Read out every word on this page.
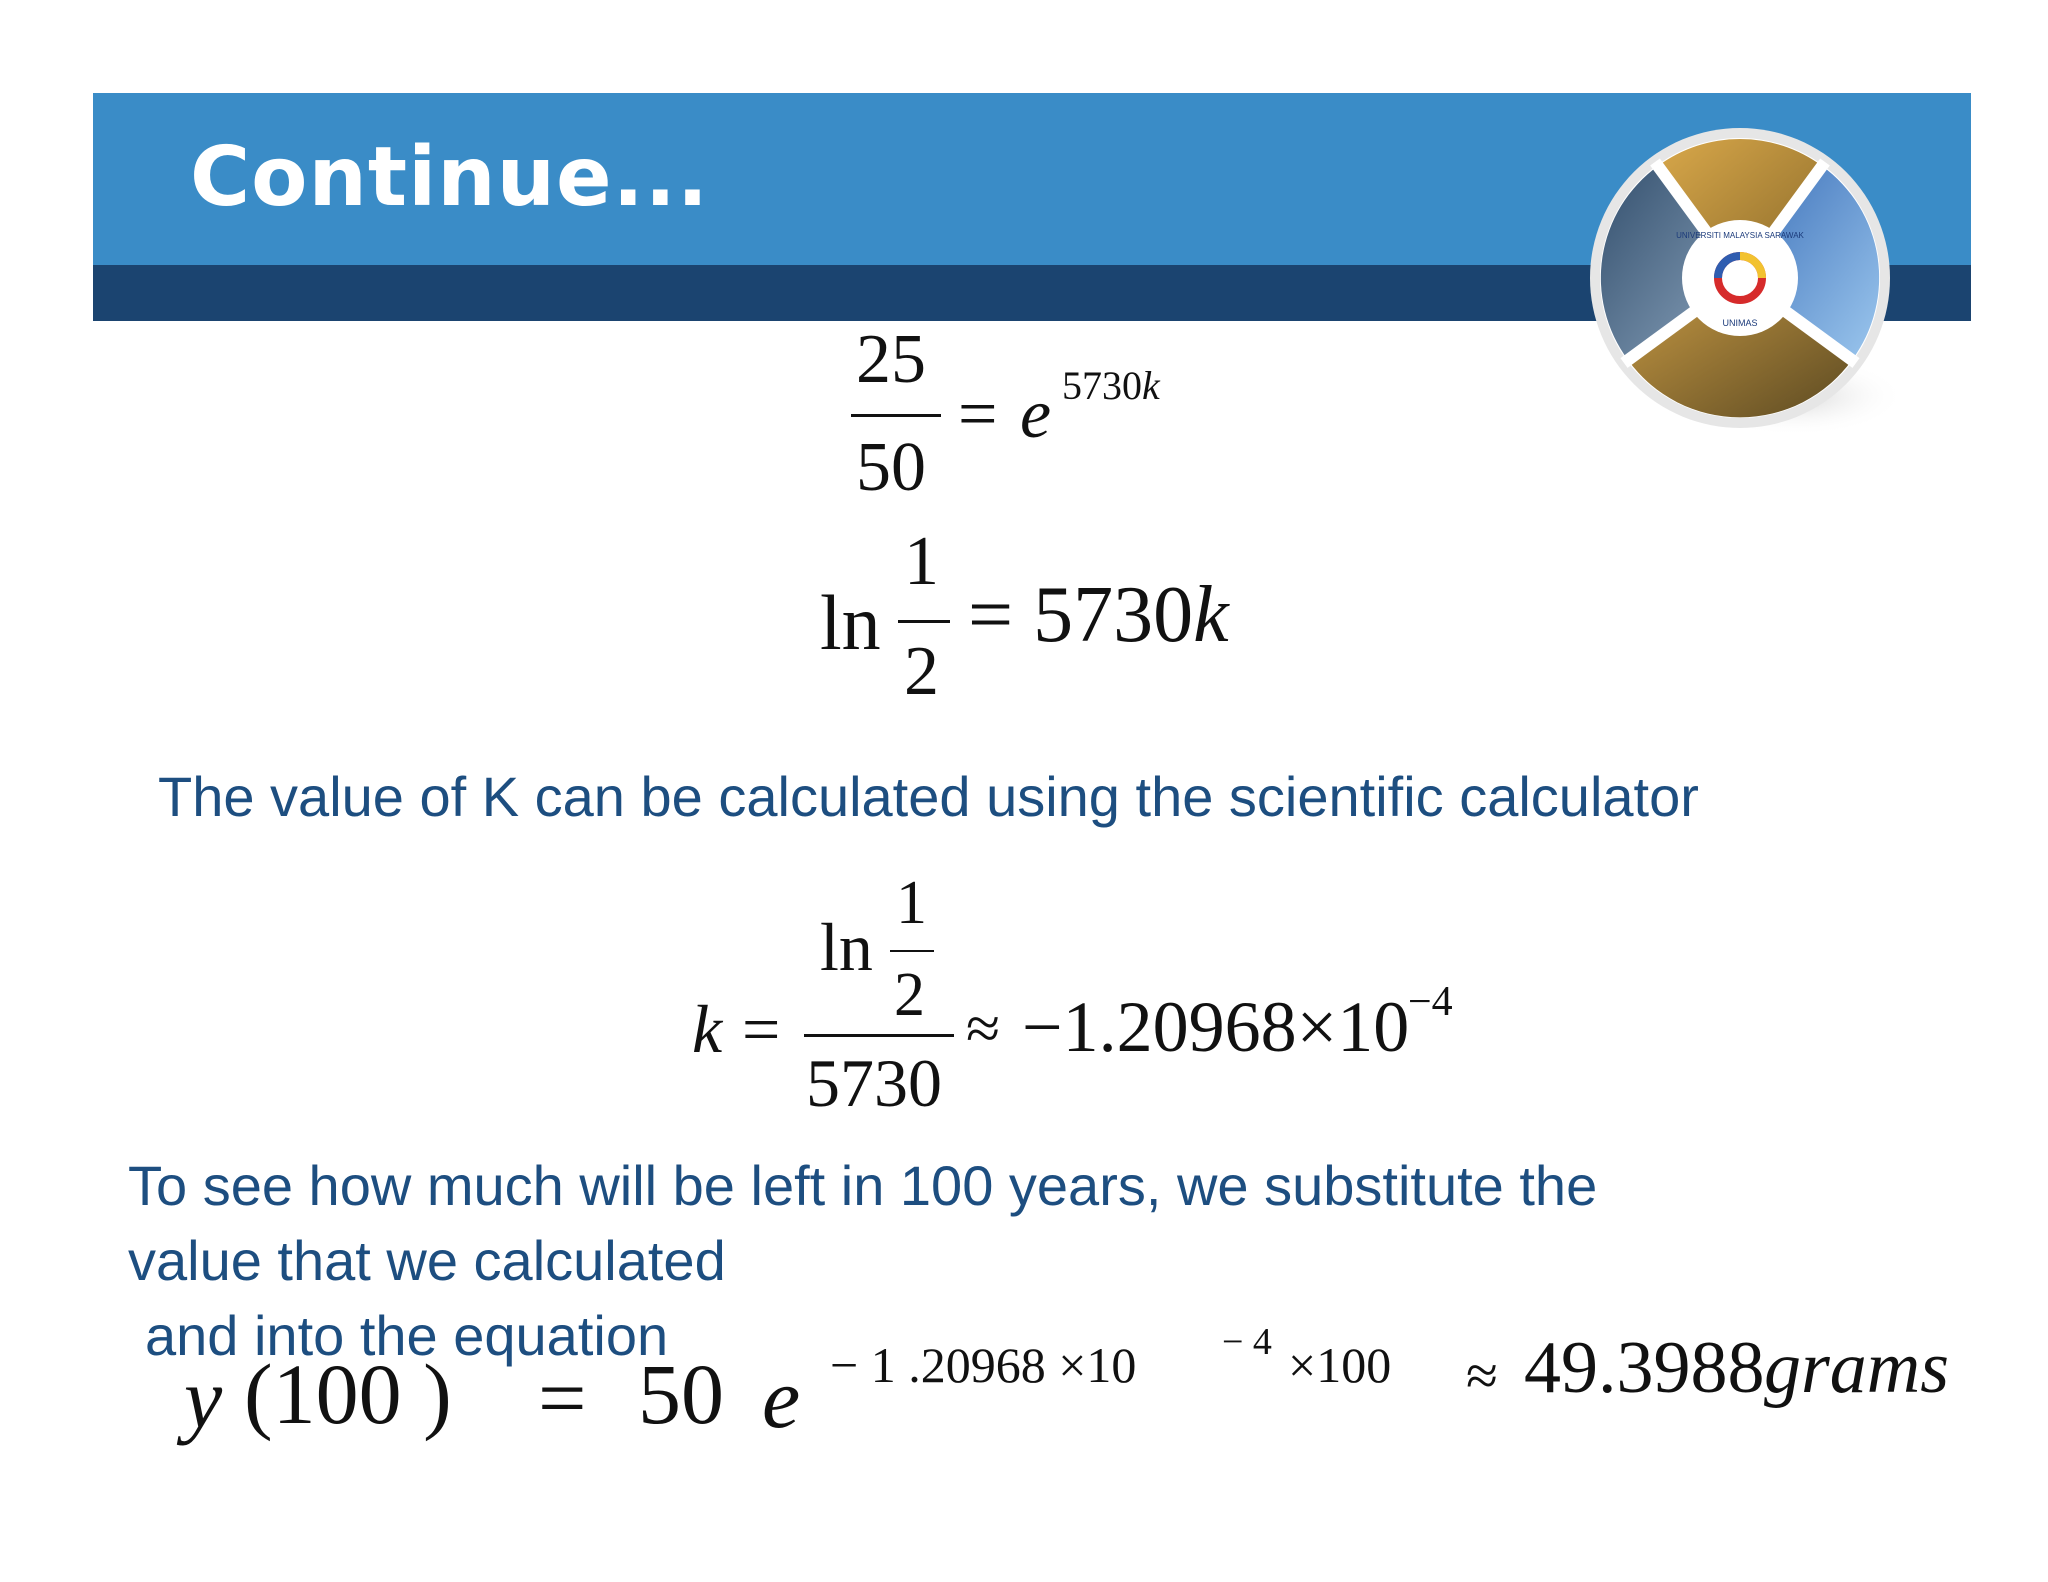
Continue...
UNIVERSITI MALAYSIA SARAWAK
UNIMAS
25
50
= e 5730k
ln
1
2
= 5730k
The value of K can be calculated using the scientific calculator
k =
ln
1
2
5730
≈ −1.20968×10
−4
To see how much will be left in 100 years, we substitute the
value that we calculated
and into the equation
y (100 ) = 50 e − 1 .20968 ×10 − 4 ×100 ≈ 49.3988 grams
